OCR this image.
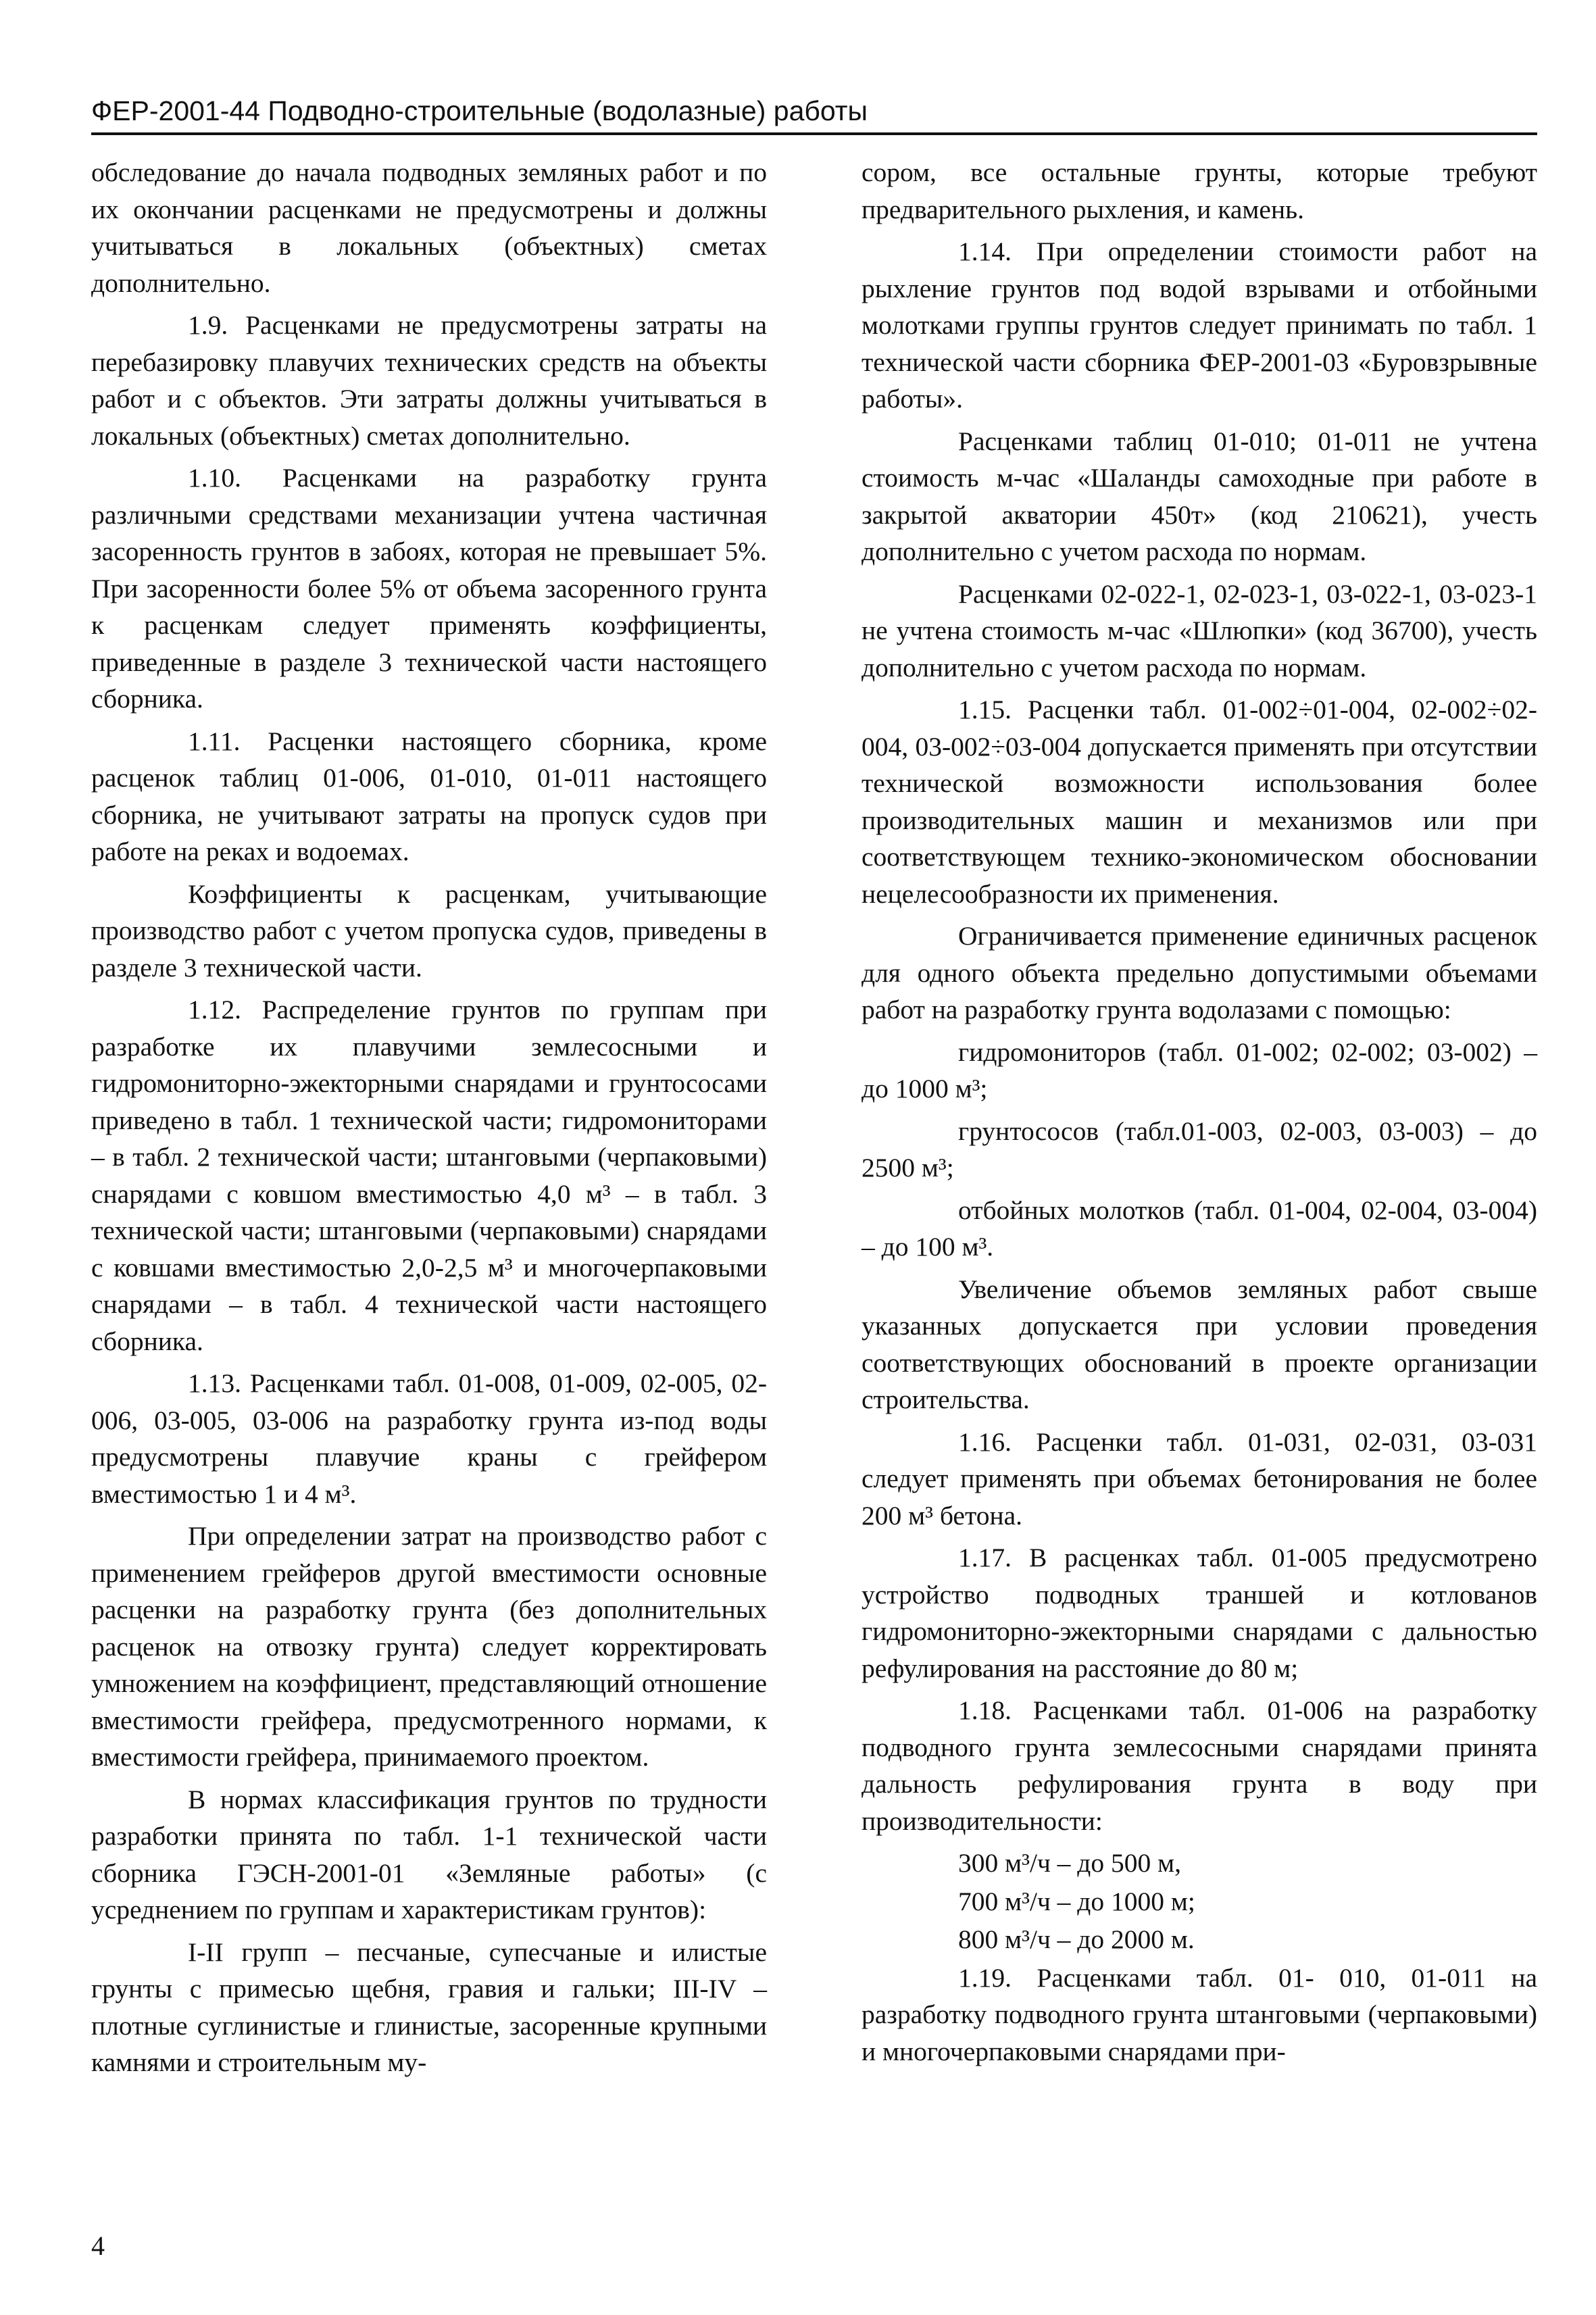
ФЕР-2001-44 Подводно-строительные (водолазные) работы

обследование до начала подводных земляных работ и по их окончании расценками не предусмотрены и должны учитываться в локальных (объектных) сметах дополнительно.

1.9. Расценками не предусмотрены затраты на перебазировку плавучих технических средств на объекты работ и с объектов. Эти затраты должны учитываться в локальных (объектных) сметах дополнительно.

1.10. Расценками на разработку грунта различными средствами механизации учтена частичная засоренность грунтов в забоях, которая не превышает 5%. При засоренности более 5% от объема засоренного грунта к расценкам следует применять коэффициенты, приведенные в разделе 3 технической части настоящего сборника.

1.11. Расценки настоящего сборника, кроме расценок таблиц 01-006, 01-010, 01-011 настоящего сборника, не учитывают затраты на пропуск судов при работе на реках и водоемах.

Коэффициенты к расценкам, учитывающие производство работ с учетом пропуска судов, приведены в разделе 3 технической части.

1.12. Распределение грунтов по группам при разработке их плавучими землесосными и гидромониторно-эжекторными снарядами и грунтососами приведено в табл. 1 технической части; гидромониторами – в табл. 2 технической части; штанговыми (черпаковыми) снарядами с ковшом вместимостью 4,0 м³ – в табл. 3 технической части; штанговыми (черпаковыми) снарядами с ковшами вместимостью 2,0-2,5 м³ и многочерпаковыми снарядами – в табл. 4 технической части настоящего сборника.

1.13. Расценками табл. 01-008, 01-009, 02-005, 02-006, 03-005, 03-006 на разработку грунта из-под воды предусмотрены плавучие краны с грейфером вместимостью 1 и 4 м³.

При определении затрат на производство работ с применением грейферов другой вместимости основные расценки на разработку грунта (без дополнительных расценок на отвозку грунта) следует корректировать умножением на коэффициент, представляющий отношение вместимости грейфера, предусмотренного нормами, к вместимости грейфера, принимаемого проектом.

В нормах классификация грунтов по трудности разработки принята по табл. 1-1 технической части сборника ГЭСН-2001-01 «Земляные работы» (с усреднением по группам и характеристикам грунтов):

I-II групп – песчаные, супесчаные и илистые грунты с примесью щебня, гравия и гальки; III-IV – плотные суглинистые и глинистые, засоренные крупными камнями и строительным му-

сором, все остальные грунты, которые требуют предварительного рыхления, и камень.

1.14. При определении стоимости работ на рыхление грунтов под водой взрывами и отбойными молотками группы грунтов следует принимать по табл. 1 технической части сборника ФЕР-2001-03 «Буровзрывные работы».

Расценками таблиц 01-010; 01-011 не учтена стоимость м-час «Шаланды самоходные при работе в закрытой акватории 450т» (код 210621), учесть дополнительно с учетом расхода по нормам.

Расценками 02-022-1, 02-023-1, 03-022-1, 03-023-1 не учтена стоимость м-час «Шлюпки» (код 36700), учесть дополнительно с учетом расхода по нормам.

1.15. Расценки табл. 01-002÷01-004, 02-002÷02-004, 03-002÷03-004 допускается применять при отсутствии технической возможности использования более производительных машин и механизмов или при соответствующем технико-экономическом обосновании нецелесообразности их применения.

Ограничивается применение единичных расценок для одного объекта предельно допустимыми объемами работ на разработку грунта водолазами с помощью:

гидромониторов (табл. 01-002; 02-002; 03-002) – до 1000 м³;

грунтососов (табл.01-003, 02-003, 03-003) – до 2500 м³;

отбойных молотков (табл. 01-004, 02-004, 03-004) – до 100 м³.

Увеличение объемов земляных работ свыше указанных допускается при условии проведения соответствующих обоснований в проекте организации строительства.

1.16. Расценки табл. 01-031, 02-031, 03-031 следует применять при объемах бетонирования не более 200 м³ бетона.

1.17. В расценках табл. 01-005 предусмотрено устройство подводных траншей и котлованов гидромониторно-эжекторными снарядами с дальностью рефулирования на расстояние до 80 м;

1.18. Расценками табл. 01-006 на разработку подводного грунта землесосными снарядами принята дальность рефулирования грунта в воду при производительности:

300 м³/ч – до 500 м,

700 м³/ч – до 1000 м;

800 м³/ч – до 2000 м.

1.19. Расценками табл. 01- 010, 01-011 на разработку подводного грунта штанговыми (черпаковыми) и многочерпаковыми снарядами при-

4
